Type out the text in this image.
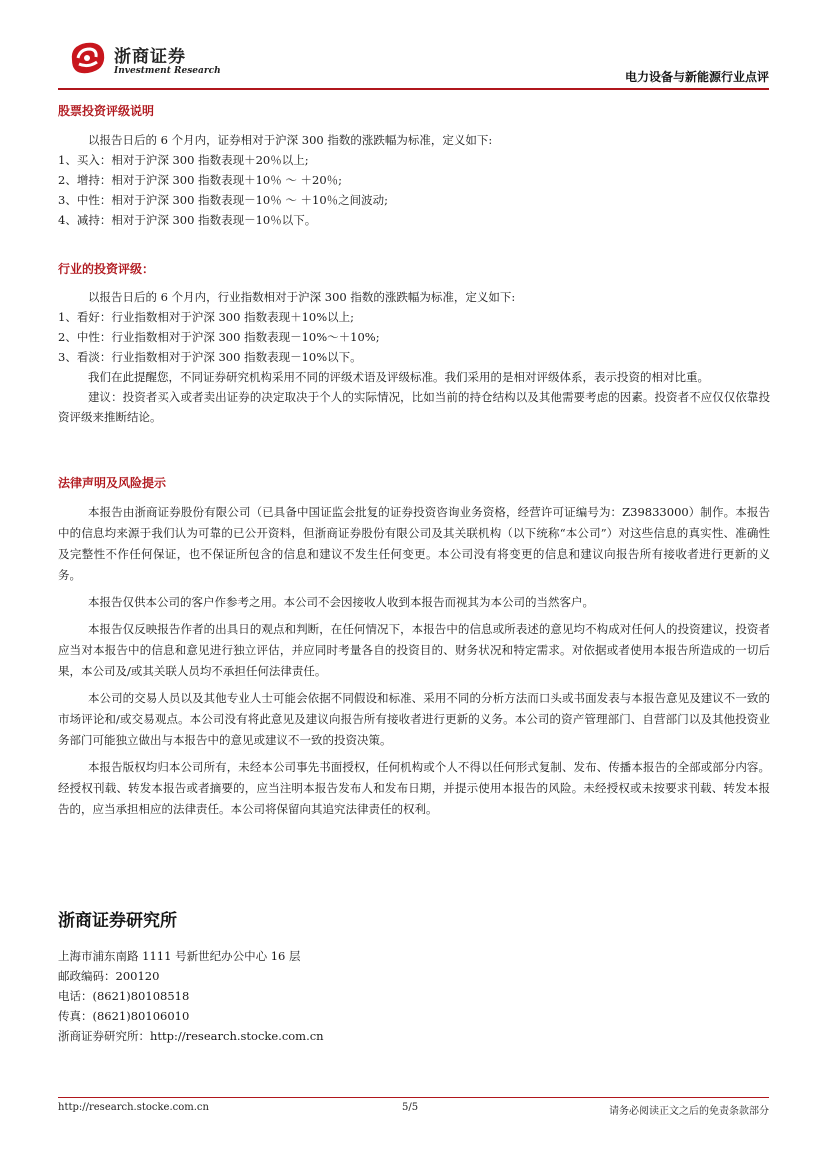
浙商证券
Investment Research	电力设备与新能源行业点评
股票投资评级说明

以报告日后的 6 个月内，证券相对于沪深 300 指数的涨跌幅为标准，定义如下:

1、买入：相对于沪深 300 指数表现＋20％以上;

2、增持：相对于沪深 300 指数表现＋10％ ～ ＋20％;

3、中性：相对于沪深 300 指数表现－10％ ～ ＋10％之间波动;

4、减持：相对于沪深 300 指数表现－10％以下。

行业的投资评级：

以报告日后的 6 个月内，行业指数相对于沪深 300 指数的涨跌幅为标准，定义如下:

1、看好：行业指数相对于沪深 300 指数表现＋10%以上;

2、中性：行业指数相对于沪深 300 指数表现－10%～＋10%;

3、看淡：行业指数相对于沪深 300 指数表现－10%以下。

我们在此提醒您，不同证券研究机构采用不同的评级术语及评级标准。我们采用的是相对评级体系，表示投资的相对比重。

建议：投资者买入或者卖出证券的决定取决于个人的实际情况，比如当前的持仓结构以及其他需要考虑的因素。投资者不应仅仅依靠投资评级来推断结论。

法律声明及风险提示

本报告由浙商证券股份有限公司（已具备中国证监会批复的证券投资咨询业务资格，经营许可证编号为：Z39833000）制作。本报告中的信息均来源于我们认为可靠的已公开资料，但浙商证券股份有限公司及其关联机构（以下统称“本公司”）对这些信息的真实性、准确性及完整性不作任何保证，也不保证所包含的信息和建议不发生任何变更。本公司没有将变更的信息和建议向报告所有接收者进行更新的义务。

本报告仅供本公司的客户作参考之用。本公司不会因接收人收到本报告而视其为本公司的当然客户。

本报告仅反映报告作者的出具日的观点和判断，在任何情况下，本报告中的信息或所表述的意见均不构成对任何人的投资建议，投资者应当对本报告中的信息和意见进行独立评估，并应同时考量各自的投资目的、财务状况和特定需求。对依据或者使用本报告所造成的一切后果，本公司及/或其关联人员均不承担任何法律责任。

本公司的交易人员以及其他专业人士可能会依据不同假设和标准、采用不同的分析方法而口头或书面发表与本报告意见及建议不一致的市场评论和/或交易观点。本公司没有将此意见及建议向报告所有接收者进行更新的义务。本公司的资产管理部门、自营部门以及其他投资业务部门可能独立做出与本报告中的意见或建议不一致的投资决策。

本报告版权均归本公司所有，未经本公司事先书面授权，任何机构或个人不得以任何形式复制、发布、传播本报告的全部或部分内容。经授权刊载、转发本报告或者摘要的，应当注明本报告发布人和发布日期，并提示使用本报告的风险。未经授权或未按要求刊载、转发本报告的，应当承担相应的法律责任。本公司将保留向其追究法律责任的权利。

浙商证券研究所
上海市浦东南路 1111 号新世纪办公中心 16 层
邮政编码：200120
电话：(8621)80108518
传真：(8621)80106010
浙商证券研究所：http://research.stocke.com.cn
http://research.stocke.com.cn	5/5	请务必阅读正文之后的免责条款部分
